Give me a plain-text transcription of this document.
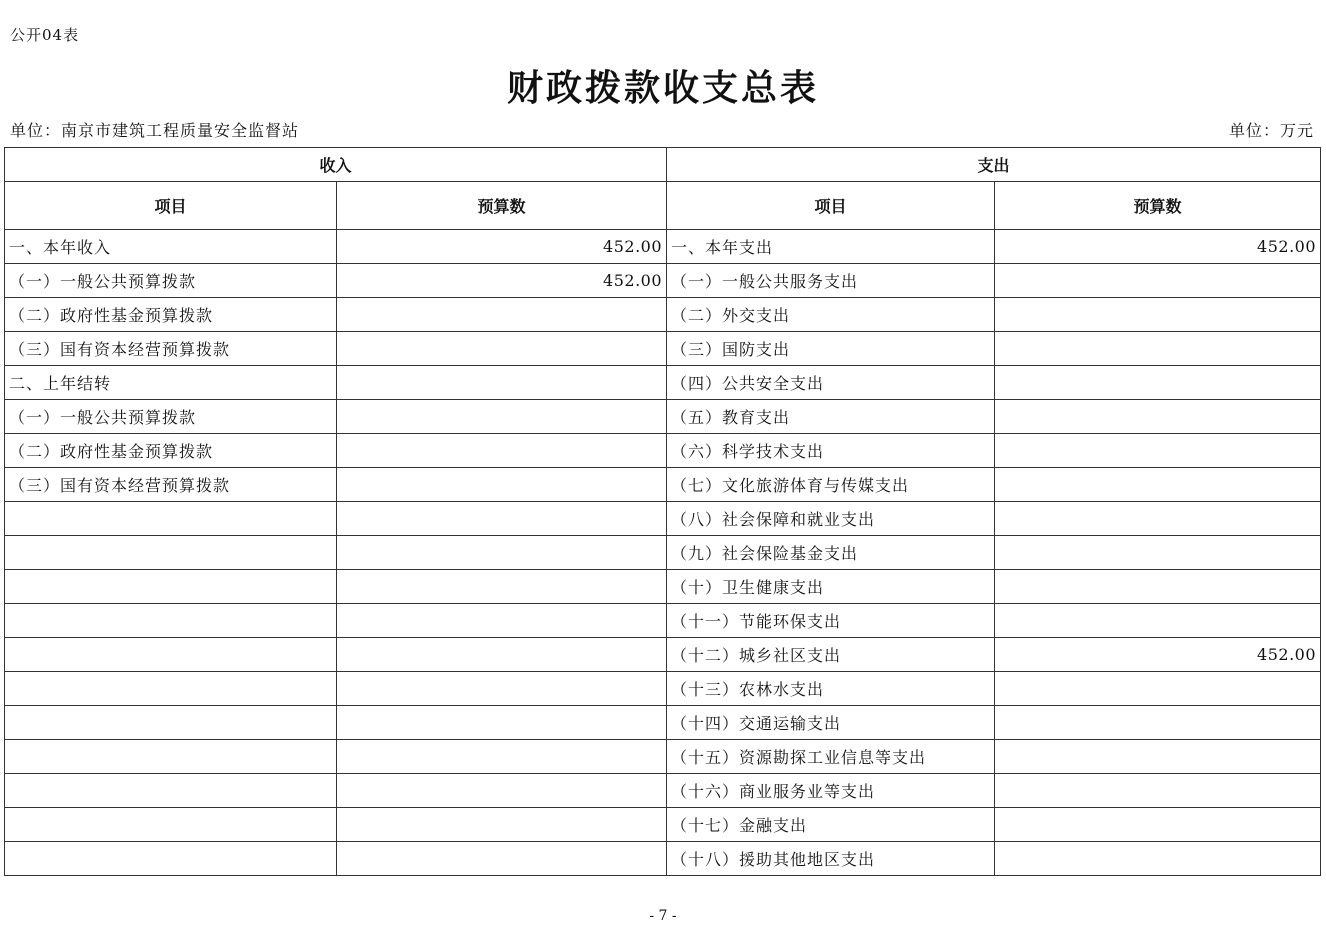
公开04表
财政拨款收支总表
单位：南京市建筑工程质量安全监督站	单位：万元
收入		支出	
项目	预算数	项目	预算数
一、本年收入	452.00	一、本年支出	452.00
（一）一般公共预算拨款	452.00	（一）一般公共服务支出	
（二）政府性基金预算拨款		（二）外交支出	
（三）国有资本经营预算拨款		（三）国防支出	
二、上年结转		（四）公共安全支出	
（一）一般公共预算拨款		（五）教育支出	
（二）政府性基金预算拨款		（六）科学技术支出	
（三）国有资本经营预算拨款		（七）文化旅游体育与传媒支出	
		（八）社会保障和就业支出	
		（九）社会保险基金支出	
		（十）卫生健康支出	
		（十一）节能环保支出	
		（十二）城乡社区支出	452.00
		（十三）农林水支出	
		（十四）交通运输支出	
		（十五）资源勘探工业信息等支出	
		（十六）商业服务业等支出	
		（十七）金融支出	
		（十八）援助其他地区支出	
- 7 -
